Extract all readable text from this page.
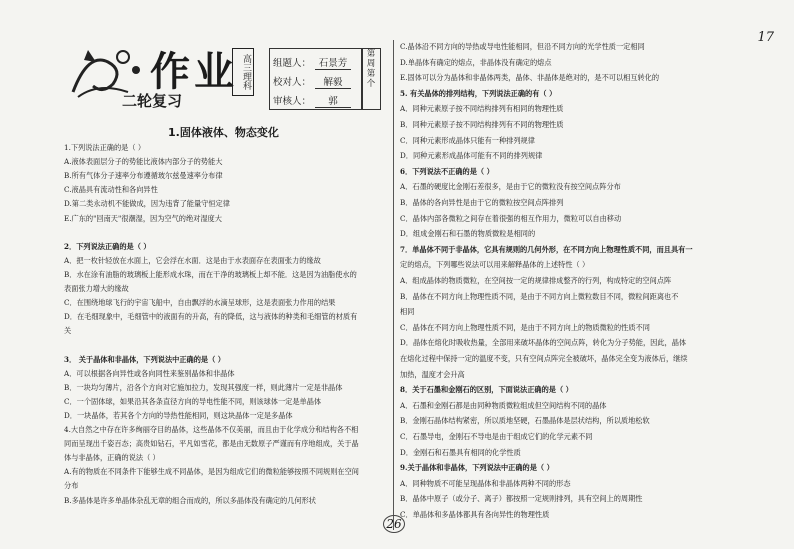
17
作业 高三理科
二轮复习
组题人： 石景芳
校对人： 解毅
审核人： 郭
第
周
第
个
1.固体液体、物态变化
1.下列说法正确的是（ ）
A.液体表面层分子的势能比液体内部分子的势能大
B.所有气体分子速率分布遵循玻尔兹曼速率分布律
C.液晶具有流动性和各向异性
D.第二类永动机不能做成，因为违背了能量守恒定律
E.广东的"回南天"很潮湿，因为空气的绝对湿度大
2．下列说法正确的是（ ）
A．把一枚针轻放在水面上，它会浮在水面．这是由于水表面存在表面张力的缘故
B．水在涂有油脂的玻璃板上能形成水珠，而在干净的玻璃板上却不能．这是因为油脂使水的
表面张力增大的缘故
C．在围绕地球飞行的宇宙飞船中，自由飘浮的水滴呈球形，这是表面张力作用的结果
D．在毛细现象中，毛细管中的液面有的升高，有的降低，这与液体的种类和毛细管的材质有
关
3． 关于晶体和非晶体，下列说法中正确的是（ ）
A．可以根据各向异性或各向同性来鉴别晶体和非晶体
B．一块均匀薄片，沿各个方向对它施加拉力，发现其强度一样，则此薄片一定是非晶体
C．一个固体球，如果沿其各条直径方向的导电性能不同，则该球体一定是单晶体
D．一块晶体，若其各个方向的导热性能相同，则这块晶体一定是多晶体
4.大自然之中存在许多绚丽夺目的晶体，这些晶体不仅美丽，而且由于化学成分和结构各不相
同而呈现出千姿百态；高贵如钻石，平凡如雪花，都是由无数原子严谨而有序地组成，关于晶
体与非晶体，正确的说法（ ）
A.有的物质在不同条件下能够生成不同晶体，是因为组成它们的微粒能够按照不同规则在空间
分布
B.多晶体是许多单晶体杂乱无章的组合而成的，所以多晶体没有确定的几何形状
C.晶体沿不同方向的导热或导电性能相同，但沿不同方向的光学性质一定相同
D.单晶体有确定的熔点，非晶体没有确定的熔点
E.固体可以分为晶体和非晶体两类，晶体、非晶体是绝对的，是不可以相互转化的
5. 有关晶体的排列结构，下列说法正确的有（ ）
A．同种元素原子按不同结构排列有相同的物理性质
B．同种元素原子按不同结构排列有不同的物理性质
C．同种元素形成晶体只能有一种排列规律
D．同种元素形成晶体可能有不同的排列规律
6．下列说法不正确的是（ ）
A．石墨的硬度比金刚石差很多，是由于它的微粒没有按空间点阵分布
B．晶体的各向异性是由于它的微粒按空间点阵排列
C．晶体内部各微粒之间存在着很强的相互作用力，微粒可以自由移动
D．组成金刚石和石墨的物质微粒是相同的
7．单晶体不同于非晶体，它具有规则的几何外形，在不同方向上物理性质不同，而且具有一
定的熔点，下列哪些说法可以用来解释晶体的上述特性（ ）
A．组成晶体的物质微粒，在空间按一定的规律排成整齐的行列，构成特定的空间点阵
B．晶体在不同方向上物理性质不同，是由于不同方向上微粒数目不同，微粒间距离也不
相同
C．晶体在不同方向上物理性质不同，是由于不同方向上的物质微粒的性质不同
D．晶体在熔化时吸收热量，全部用来破坏晶体的空间点阵，转化为分子势能，因此，晶体
在熔化过程中保持一定的温度不变，只有空间点阵完全被破坏，晶体完全变为液体后，继续
加热，温度才会升高
8．关于石墨和金刚石的区别，下面说法正确的是（ ）
A．石墨和金刚石都是由同种物质微粒组成但空间结构不同的晶体
B．金刚石晶体结构紧密，所以质地坚硬，石墨晶体是层状结构，所以质地松软
C．石墨导电，金刚石不导电是由于组成它们的化学元素不同
D．金刚石和石墨具有相同的化学性质
9.关于晶体和非晶体，下列说法中正确的是（ ）
A．同种物质不可能呈现晶体和非晶体两种不同的形态
B．晶体中原子（或分子、离子）都按照一定规则排列，具有空间上的周期性
C．单晶体和多晶体都具有各向异性的物理性质
26
